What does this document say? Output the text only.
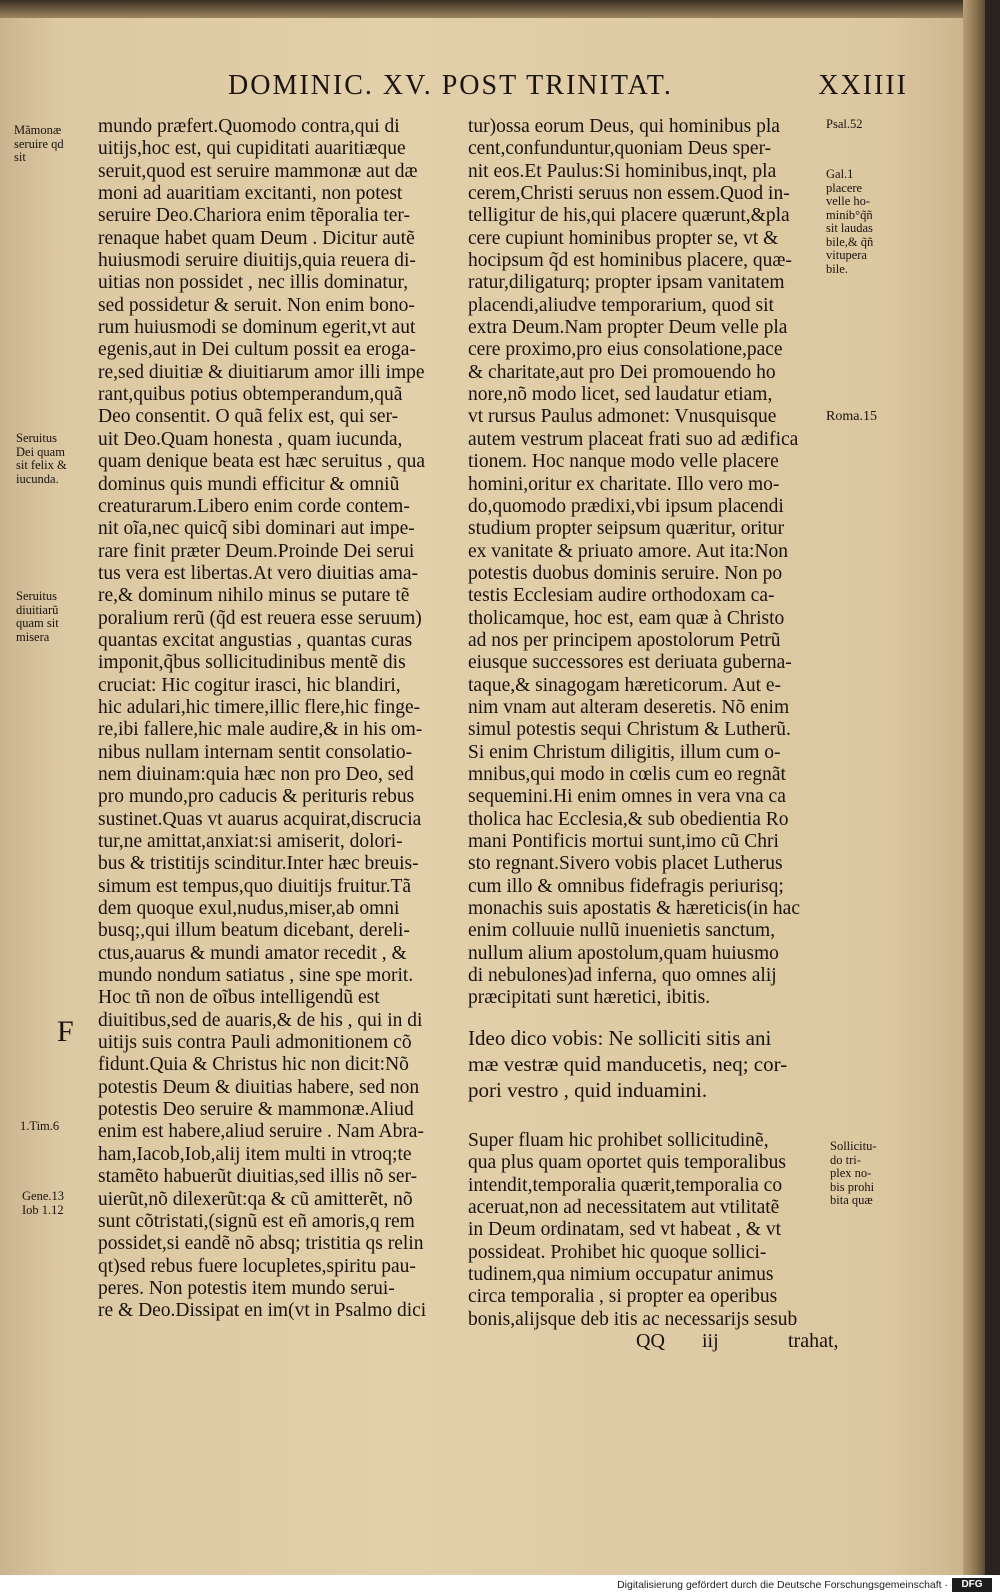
DOMINIC. XV. POST TRINITAT.	XXIIII
Mãmonæ
seruire qd
sit
Seruitus
Dei quam
sit felix &
iucunda.
Seruitus
diuitiarũ
quam sit
misera
F
1.Tim.6
Gene.13
Iob 1.12
Psal.52
Gal.1
placere
velle ho-
minib°q̃ñ
sit laudas
bile,& q̃ñ
vitupera
bile.
Roma.15
Sollicitu-
do tri-
plex no-
bis prohi
bita quæ
mundo præfert.Quomodo contra,qui di
uitijs,hoc est, qui cupiditati auaritiæque
seruit,quod est seruire mammonæ aut dæ
moni ad auaritiam excitanti, non potest
seruire Deo.Chariora enim tẽporalia ter-
renaque habet quam Deum . Dicitur autẽ
huiusmodi seruire diuitijs,quia reuera di-
uitias non possidet , nec illis dominatur,
sed possidetur & seruit. Non enim bono-
rum huiusmodi se dominum egerit,vt aut
egenis,aut in Dei cultum possit ea eroga-
re,sed diuitiæ & diuitiarum amor illi impe
rant,quibus potius obtemperandum,quã
Deo consentit. O quã felix est, qui ser-
uit Deo.Quam honesta , quam iucunda,
quam denique beata est hæc seruitus , qua
dominus quis mundi efficitur & omniũ
creaturarum.Libero enim corde contem-
nit oĩa,nec quicq̃ sibi dominari aut impe-
rare finit præter Deum.Proinde Dei serui
tus vera est libertas.At vero diuitias ama-
re,& dominum nihilo minus se putare tẽ
poralium rerũ (q̃d est reuera esse seruum)
quantas excitat angustias , quantas curas
imponit,q̃bus sollicitudinibus mentẽ dis
cruciat: Hic cogitur irasci, hic blandiri,
hic adulari,hic timere,illic flere,hic finge-
re,ibi fallere,hic male audire,& in his om-
nibus nullam internam sentit consolatio-
nem diuinam:quia hæc non pro Deo, sed
pro mundo,pro caducis & perituris rebus
sustinet.Quas vt auarus acquirat,discrucia
tur,ne amittat,anxiat:si amiserit, dolori-
bus & tristitijs scinditur.Inter hæc breuis-
simum est tempus,quo diuitijs fruitur.Tã
dem quoque exul,nudus,miser,ab omni
busq;,qui illum beatum dicebant, dereli-
ctus,auarus & mundi amator recedit , &
mundo nondum satiatus , sine spe morit.
Hoc tñ non de oĩbus intelligendũ est
diuitibus,sed de auaris,& de his , qui in di
uitijs suis contra Pauli admonitionem cõ
fidunt.Quia & Christus hic non dicit:Nõ
potestis Deum & diuitias habere, sed non
potestis Deo seruire & mammonæ.Aliud
enim est habere,aliud seruire . Nam Abra-
ham,Iacob,Iob,alij item multi in vtroq;te
stamẽto habuerũt diuitias,sed illis nõ ser-
uierũt,nõ dilexerũt:qa & cũ amitterẽt, nõ
sunt cõtristati,(signũ est eñ amoris,q rem
possidet,si eandẽ nõ absq; tristitia qs relin
qt)sed rebus fuere locupletes,spiritu pau-
peres. Non potestis item mundo serui-
re & Deo.Dissipat en im(vt in Psalmo dici
tur)ossa eorum Deus, qui hominibus pla
cent,confunduntur,quoniam Deus sper-
nit eos.Et Paulus:Si hominibus,inqt, pla
cerem,Christi seruus non essem.Quod in-
telligitur de his,qui placere quærunt,&pla
cere cupiunt hominibus propter se, vt &
hocipsum q̃d est hominibus placere, quæ-
ratur,diligaturq; propter ipsam vanitatem
placendi,aliudve temporarium, quod sit
extra Deum.Nam propter Deum velle pla
cere proximo,pro eius consolatione,pace
& charitate,aut pro Dei promouendo ho
nore,nõ modo licet, sed laudatur etiam,
vt rursus Paulus admonet: Vnusquisque
autem vestrum placeat frati suo ad ædifica
tionem. Hoc nanque modo velle placere
homini,oritur ex charitate. Illo vero mo-
do,quomodo prædixi,vbi ipsum placendi
studium propter seipsum quæritur, oritur
ex vanitate & priuato amore. Aut ita:Non
potestis duobus dominis seruire. Non po
testis Ecclesiam audire orthodoxam ca-
tholicamque, hoc est, eam quæ à Christo
ad nos per principem apostolorum Petrũ
eiusque successores est deriuata guberna-
taque,& sinagogam hæreticorum. Aut e-
nim vnam aut alteram deseretis. Nõ enim
simul potestis sequi Christum & Lutherũ.
Si enim Christum diligitis, illum cum o-
mnibus,qui modo in cœlis cum eo regnãt
sequemini.Hi enim omnes in vera vna ca
tholica hac Ecclesia,& sub obedientia Ro
mani Pontificis mortui sunt,imo cũ Chri
sto regnant.Sivero vobis placet Lutherus
cum illo & omnibus fidefragis periurisq;
monachis suis apostatis & hæreticis(in hac
enim colluuie nullũ inuenietis sanctum,
nullum alium apostolum,quam huiusmo
di nebulones)ad inferna, quo omnes alij
præcipitati sunt hæretici, ibitis.
Ideo dico vobis: Ne solliciti sitis ani
mæ vestræ quid manducetis, neq; cor-
pori vestro , quid induamini.
Super fluam hic prohibet sollicitudinẽ,
qua plus quam oportet quis temporalibus
intendit,temporalia quærit,temporalia co
aceruat,non ad necessitatem aut vtilitatẽ
in Deum ordinatam, sed vt habeat , & vt
possideat. Prohibet hic quoque sollici-
tudinem,qua nimium occupatur animus
circa temporalia , si propter ea operibus
bonis,alijsque deb itis ac necessarijs sesub
QQ iij	trahat,
Digitalisierung gefördert durch die Deutsche Forschungsgemeinschaft ·	DFG
